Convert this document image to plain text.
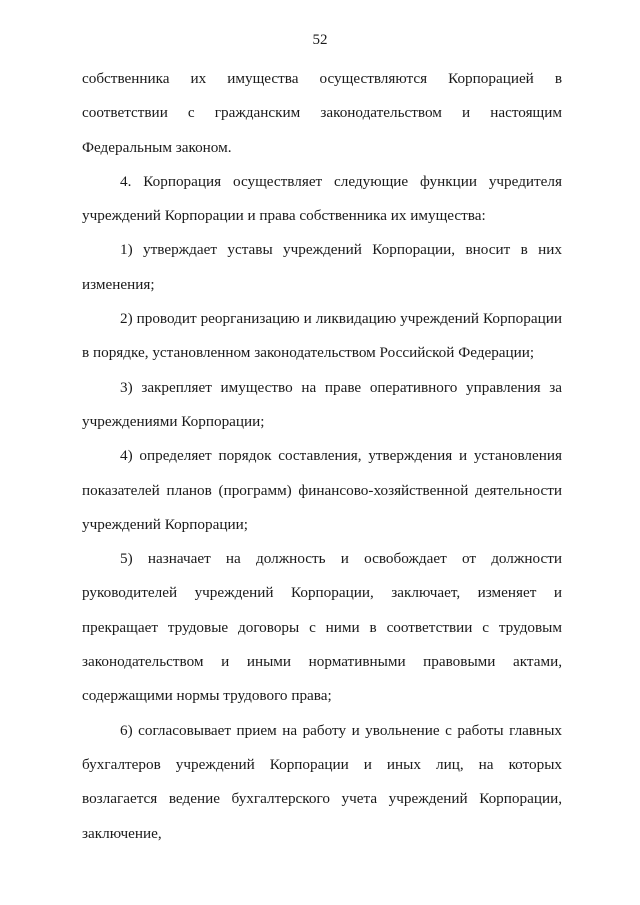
52

собственника их имущества осуществляются Корпорацией в соответствии с гражданским законодательством и настоящим Федеральным законом.

4. Корпорация осуществляет следующие функции учредителя учреждений Корпорации и права собственника их имущества:

1) утверждает уставы учреждений Корпорации, вносит в них изменения;

2) проводит реорганизацию и ликвидацию учреждений Корпорации в порядке, установленном законодательством Российской Федерации;

3) закрепляет имущество на праве оперативного управления за учреждениями Корпорации;

4) определяет порядок составления, утверждения и установления показателей планов (программ) финансово-хозяйственной деятельности учреждений Корпорации;

5) назначает на должность и освобождает от должности руководителей учреждений Корпорации, заключает, изменяет и прекращает трудовые договоры с ними в соответствии с трудовым законодательством и иными нормативными правовыми актами, содержащими нормы трудового права;

6) согласовывает прием на работу и увольнение с работы главных бухгалтеров учреждений Корпорации и иных лиц, на которых возлагается ведение бухгалтерского учета учреждений Корпорации, заключение,
